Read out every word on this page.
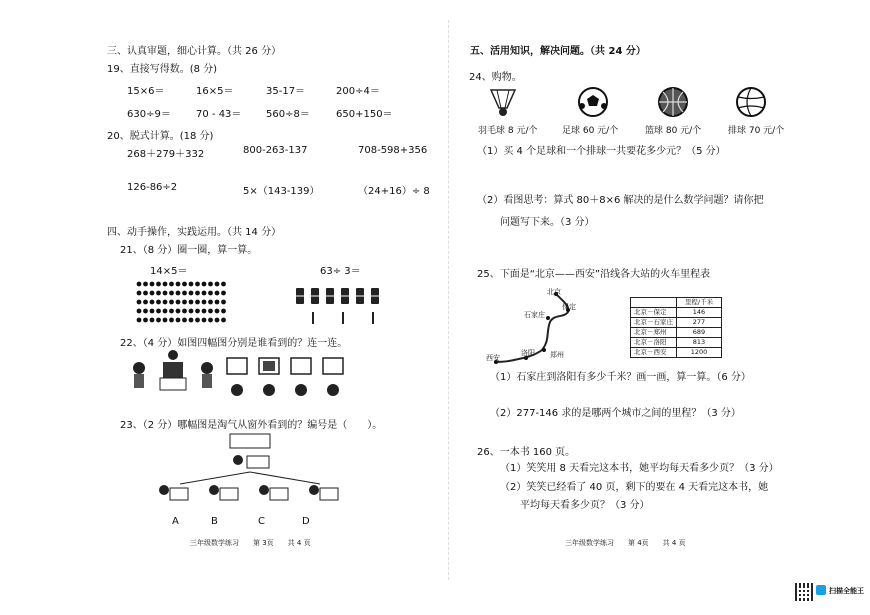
三、认真审题，细心计算。（共 26 分）
19、直接写得数。(8 分)
15×6＝	16×5＝	35-17＝	200÷4＝
630÷9＝	70 - 43＝ 560÷8＝	650+150＝
20、脱式计算。(18 分)
268＋279＋332	800-263-137	708-598+356
126-86÷2	5×（143-139）	（24+16）÷ 8
四、动手操作，实践运用。（共 14 分）
21、（8 分）圈一圈，算一算。
14×5＝	63÷ 3＝
22、（4 分）如图四幅图分别是谁看到的？连一连。
23、（2 分）哪幅图是淘气从窗外看到的？编号是（　　）。
A	B	C	D
三年级数学练习　　第 3页　　共 4 页
五、活用知识，解决问题。（共 24 分）
24、购物。
羽毛球 8 元/个	足球 60 元/个	篮球 80 元/个	排球 70 元/个
（1）买 4 个足球和一个排球一共要花多少元？（5 分）
（2）看图思考：算式 80＋8×6 解决的是什么数学问题？请你把
问题写下来。（3 分）
25、下面是“北京——西安”沿线各大站的火车里程表
北京
保定
石家庄
洛阳 郑州
西安
	里程/千米
北京－保定	146
北京－石家庄	277
北京－郑州	689
北京－洛阳	813
北京－西安	1200
（1）石家庄到洛阳有多少千米？画一画，算一算。（6 分）
（2）277-146 求的是哪两个城市之间的里程？（3 分）
26、一本书 160 页。
（1）笑笑用 8 天看完这本书，她平均每天看多少页？（3 分）
（2）笑笑已经看了 40 页，剩下的要在 4 天看完这本书，她
平均每天看多少页？（3 分）
三年级数学练习　　第 4页　　共 4 页
扫描全能王
